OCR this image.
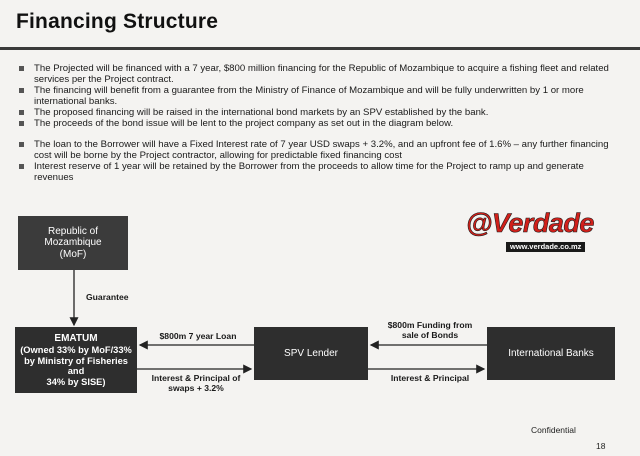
Financing Structure
The Projected will be financed with a 7 year, $800 million financing for the Republic of Mozambique to acquire a fishing fleet and related services per the Project contract.
The financing will benefit from a guarantee from the Ministry of Finance of Mozambique and will be fully underwritten by 1 or more international banks.
The proposed financing will be raised in the international bond markets by an SPV established by the bank.
The proceeds of the bond issue will be lent to the project company as set out in the diagram below.
The loan to the Borrower will have a Fixed Interest rate of 7 year USD swaps + 3.2%, and an upfront fee of 1.6% – any further financing cost will be borne by the Project contractor, allowing for predictable fixed financing cost
Interest reserve of 1 year will be retained by the Borrower from the proceeds to allow time for the Project to ramp up and generate revenues
@Verdade
www.verdade.co.mz
Republic of Mozambique
(MoF)
Guarantee
EMATUM
(Owned 33% by MoF/33%
by Ministry of Fisheries and
34% by SISE)
SPV Lender	International Banks
$800m 7 year Loan
Interest & Principal of
swaps + 3.2%
$800m Funding from
sale of Bonds
Interest & Principal
Confidential
18
